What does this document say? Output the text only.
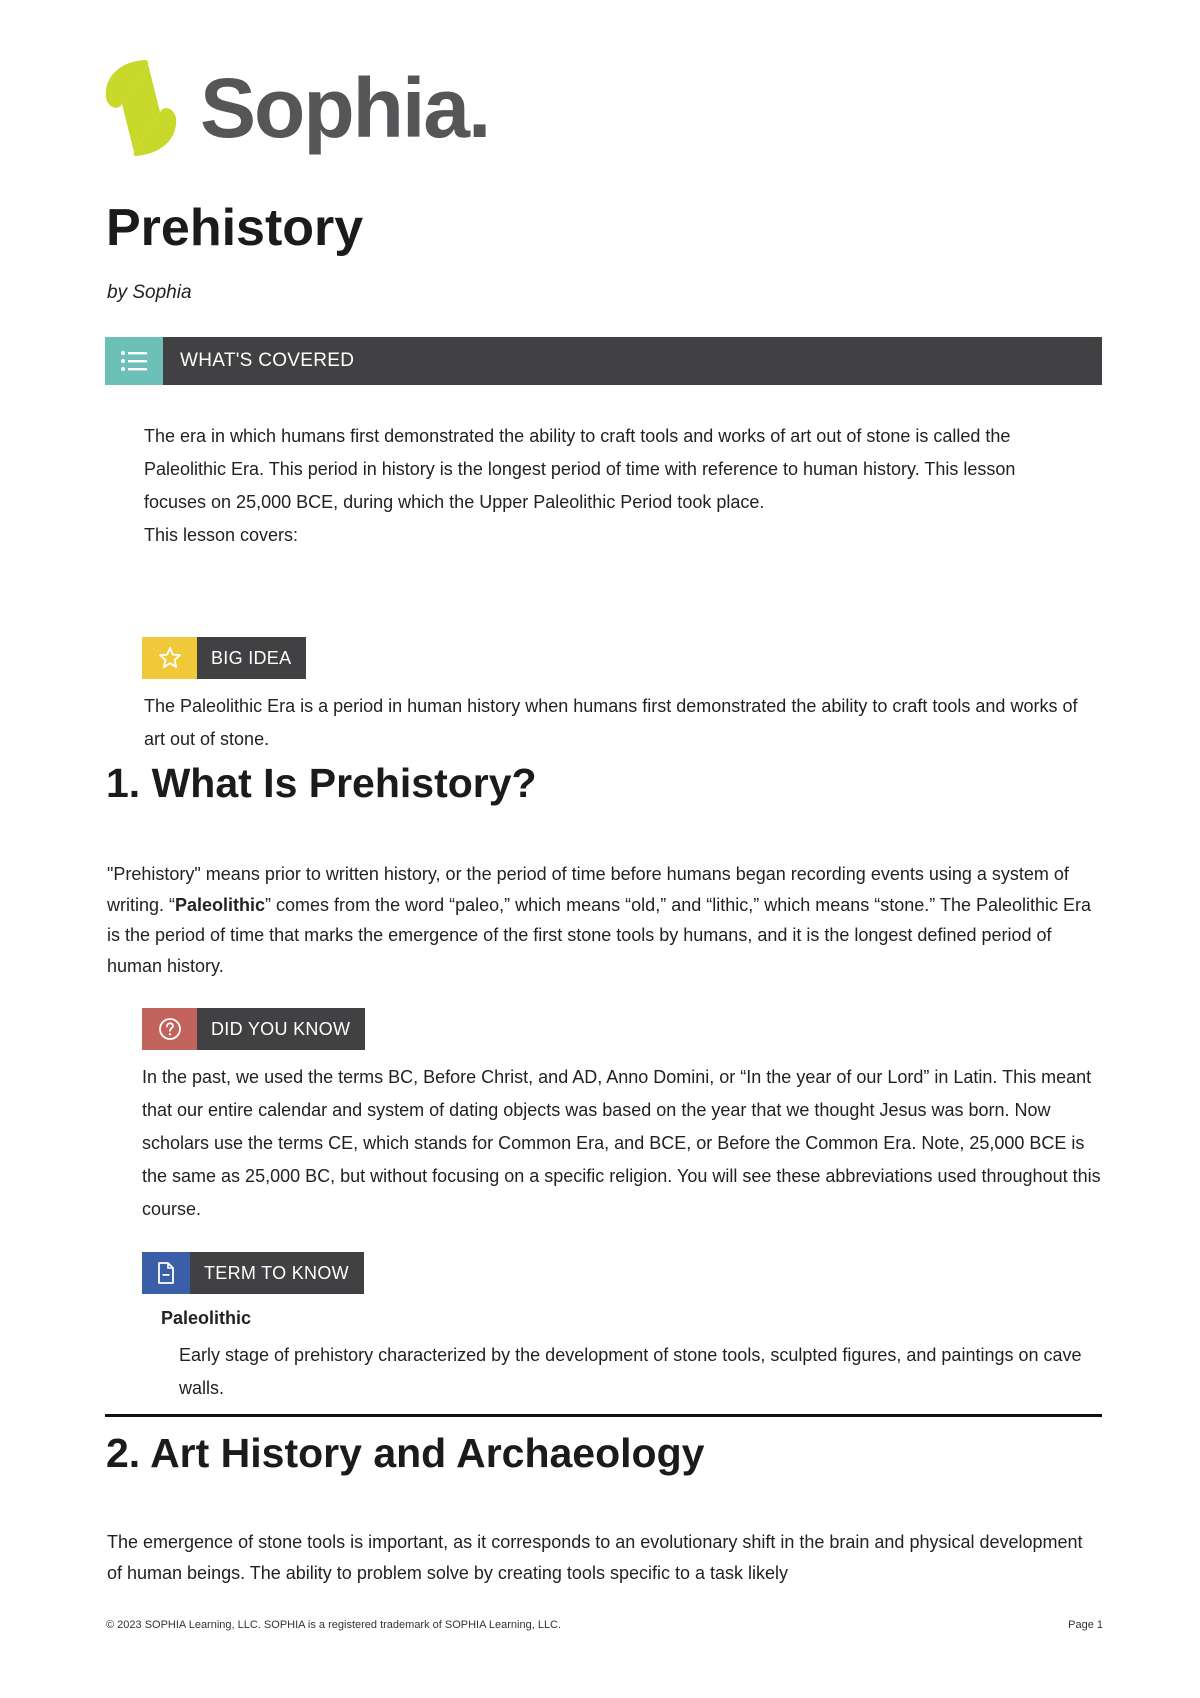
Sophia.
Prehistory
by Sophia
WHAT'S COVERED

The era in which humans first demonstrated the ability to craft tools and works of art out of stone is called the Paleolithic Era. This period in history is the longest period of time with reference to human history. This lesson focuses on 25,000 BCE, during which the Upper Paleolithic Period took place.

This lesson covers:

BIG IDEA

The Paleolithic Era is a period in human history when humans first demonstrated the ability to craft tools and works of art out of stone.

1. What Is Prehistory?

"Prehistory" means prior to written history, or the period of time before humans began recording events using a system of writing. “Paleolithic” comes from the word “paleo,” which means “old,” and “lithic,” which means “stone.” The Paleolithic Era is the period of time that marks the emergence of the first stone tools by humans, and it is the longest defined period of human history.

DID YOU KNOW

In the past, we used the terms BC, Before Christ, and AD, Anno Domini, or “In the year of our Lord” in Latin. This meant that our entire calendar and system of dating objects was based on the year that we thought Jesus was born. Now scholars use the terms CE, which stands for Common Era, and BCE, or Before the Common Era. Note, 25,000 BCE is the same as 25,000 BC, but without focusing on a specific religion. You will see these abbreviations used throughout this course.

TERM TO KNOW
Paleolithic

Early stage of prehistory characterized by the development of stone tools, sculpted figures, and paintings on cave walls.

2. Art History and Archaeology

The emergence of stone tools is important, as it corresponds to an evolutionary shift in the brain and physical development of human beings. The ability to problem solve by creating tools specific to a task likely

© 2023 SOPHIA Learning, LLC. SOPHIA is a registered trademark of SOPHIA Learning, LLC.	Page 1
